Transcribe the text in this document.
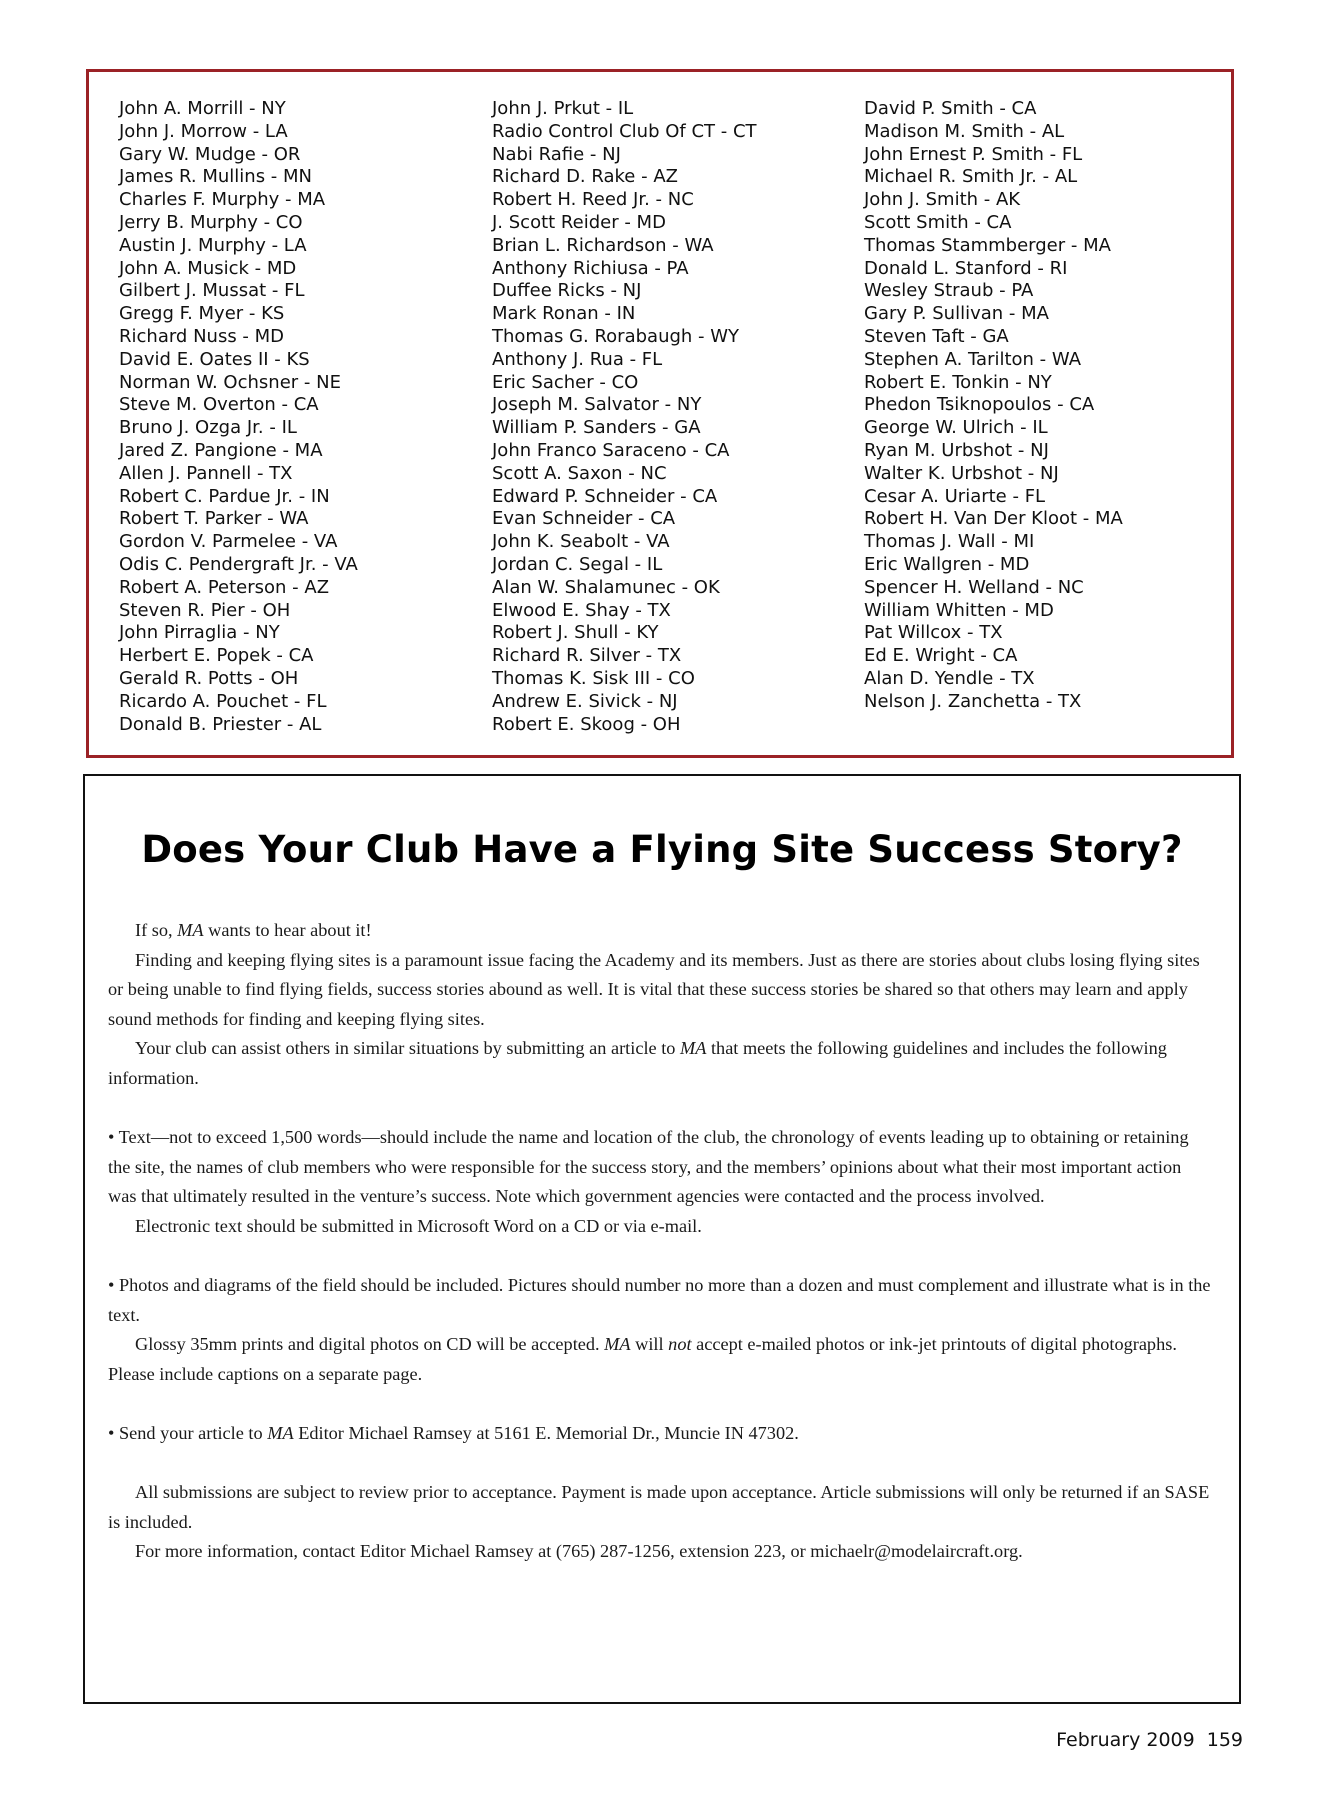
John A. Morrill - NY
John J. Morrow - LA
Gary W. Mudge - OR
James R. Mullins - MN
Charles F. Murphy - MA
Jerry B. Murphy - CO
Austin J. Murphy - LA
John A. Musick - MD
Gilbert J. Mussat - FL
Gregg F. Myer - KS
Richard Nuss - MD
David E. Oates II - KS
Norman W. Ochsner - NE
Steve M. Overton - CA
Bruno J. Ozga Jr. - IL
Jared Z. Pangione - MA
Allen J. Pannell - TX
Robert C. Pardue Jr. - IN
Robert T. Parker - WA
Gordon V. Parmelee - VA
Odis C. Pendergraft Jr. - VA
Robert A. Peterson - AZ
Steven R. Pier - OH
John Pirraglia - NY
Herbert E. Popek - CA
Gerald R. Potts - OH
Ricardo A. Pouchet - FL
Donald B. Priester - AL
John J. Prkut - IL
Radio Control Club Of CT - CT
Nabi Rafie - NJ
Richard D. Rake - AZ
Robert H. Reed Jr. - NC
J. Scott Reider - MD
Brian L. Richardson - WA
Anthony Richiusa - PA
Duffee Ricks - NJ
Mark Ronan - IN
Thomas G. Rorabaugh - WY
Anthony J. Rua - FL
Eric Sacher - CO
Joseph M. Salvator - NY
William P. Sanders - GA
John Franco Saraceno - CA
Scott A. Saxon - NC
Edward P. Schneider - CA
Evan Schneider - CA
John K. Seabolt - VA
Jordan C. Segal - IL
Alan W. Shalamunec - OK
Elwood E. Shay - TX
Robert J. Shull - KY
Richard R. Silver - TX
Thomas K. Sisk III - CO
Andrew E. Sivick - NJ
Robert E. Skoog - OH
David P. Smith - CA
Madison M. Smith - AL
John Ernest P. Smith - FL
Michael R. Smith Jr. - AL
John J. Smith - AK
Scott Smith - CA
Thomas Stammberger - MA
Donald L. Stanford - RI
Wesley Straub - PA
Gary P. Sullivan - MA
Steven Taft - GA
Stephen A. Tarilton - WA
Robert E. Tonkin - NY
Phedon Tsiknopoulos - CA
George W. Ulrich - IL
Ryan M. Urbshot - NJ
Walter K. Urbshot - NJ
Cesar A. Uriarte - FL
Robert H. Van Der Kloot - MA
Thomas J. Wall - MI
Eric Wallgren - MD
Spencer H. Welland - NC
William Whitten - MD
Pat Willcox - TX
Ed E. Wright - CA
Alan D. Yendle - TX
Nelson J. Zanchetta - TX
Does Your Club Have a Flying Site Success Story?

If so, MA wants to hear about it!

Finding and keeping flying sites is a paramount issue facing the Academy and its members. Just as there are stories about clubs losing flying sites or being unable to find flying fields, success stories abound as well. It is vital that these success stories be shared so that others may learn and apply sound methods for finding and keeping flying sites.

Your club can assist others in similar situations by submitting an article to MA that meets the following guidelines and includes the following information.

• Text—not to exceed 1,500 words—should include the name and location of the club, the chronology of events leading up to obtaining or retaining the site, the names of club members who were responsible for the success story, and the members’ opinions about what their most important action was that ultimately resulted in the venture’s success. Note which government agencies were contacted and the process involved.

Electronic text should be submitted in Microsoft Word on a CD or via e-mail.

• Photos and diagrams of the field should be included. Pictures should number no more than a dozen and must complement and illustrate what is in the text.

Glossy 35mm prints and digital photos on CD will be accepted. MA will not accept e-mailed photos or ink-jet printouts of digital photographs. Please include captions on a separate page.

• Send your article to MA Editor Michael Ramsey at 5161 E. Memorial Dr., Muncie IN 47302.

All submissions are subject to review prior to acceptance. Payment is made upon acceptance. Article submissions will only be returned if an SASE is included.

For more information, contact Editor Michael Ramsey at (765) 287-1256, extension 223, or michaelr@modelaircraft.org.

February 2009 159
